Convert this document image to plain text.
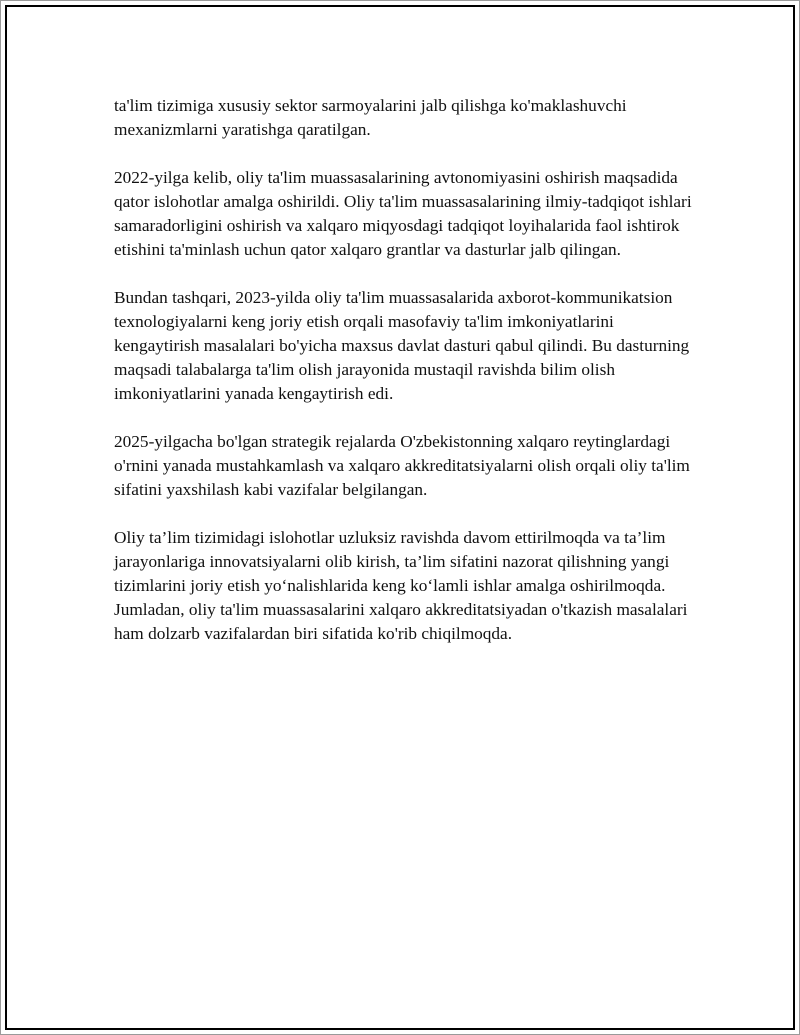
ta'lim tizimiga xususiy sektor sarmoyalarini jalb qilishga ko'maklashuvchi mexanizmlarni yaratishga qaratilgan.

2022-yilga kelib, oliy ta'lim muassasalarining avtonomiyasini oshirish maqsadida qator islohotlar amalga oshirildi. Oliy ta'lim muassasalarining ilmiy-tadqiqot ishlari samaradorligini oshirish va xalqaro miqyosdagi tadqiqot loyihalarida faol ishtirok etishini ta'minlash uchun qator xalqaro grantlar va dasturlar jalb qilingan.

Bundan tashqari, 2023-yilda oliy ta'lim muassasalarida axborot-kommunikatsion texnologiyalarni keng joriy etish orqali masofaviy ta'lim imkoniyatlarini kengaytirish masalalari bo'yicha maxsus davlat dasturi qabul qilindi. Bu dasturning maqsadi talabalarga ta'lim olish jarayonida mustaqil ravishda bilim olish imkoniyatlarini yanada kengaytirish edi.

2025-yilgacha bo'lgan strategik rejalarda O'zbekistonning xalqaro reytinglardagi o'rnini yanada mustahkamlash va xalqaro akkreditatsiyalarni olish orqali oliy ta'lim sifatini yaxshilash kabi vazifalar belgilangan.

Oliy ta’lim tizimidagi islohotlar uzluksiz ravishda davom ettirilmoqda va ta’lim jarayonlariga innovatsiyalarni olib kirish, ta’lim sifatini nazorat qilishning yangi tizimlarini joriy etish yo‘nalishlarida keng ko‘lamli ishlar amalga oshirilmoqda. Jumladan, oliy ta'lim muassasalarini xalqaro akkreditatsiyadan o'tkazish masalalari ham dolzarb vazifalardan biri sifatida ko'rib chiqilmoqda.
